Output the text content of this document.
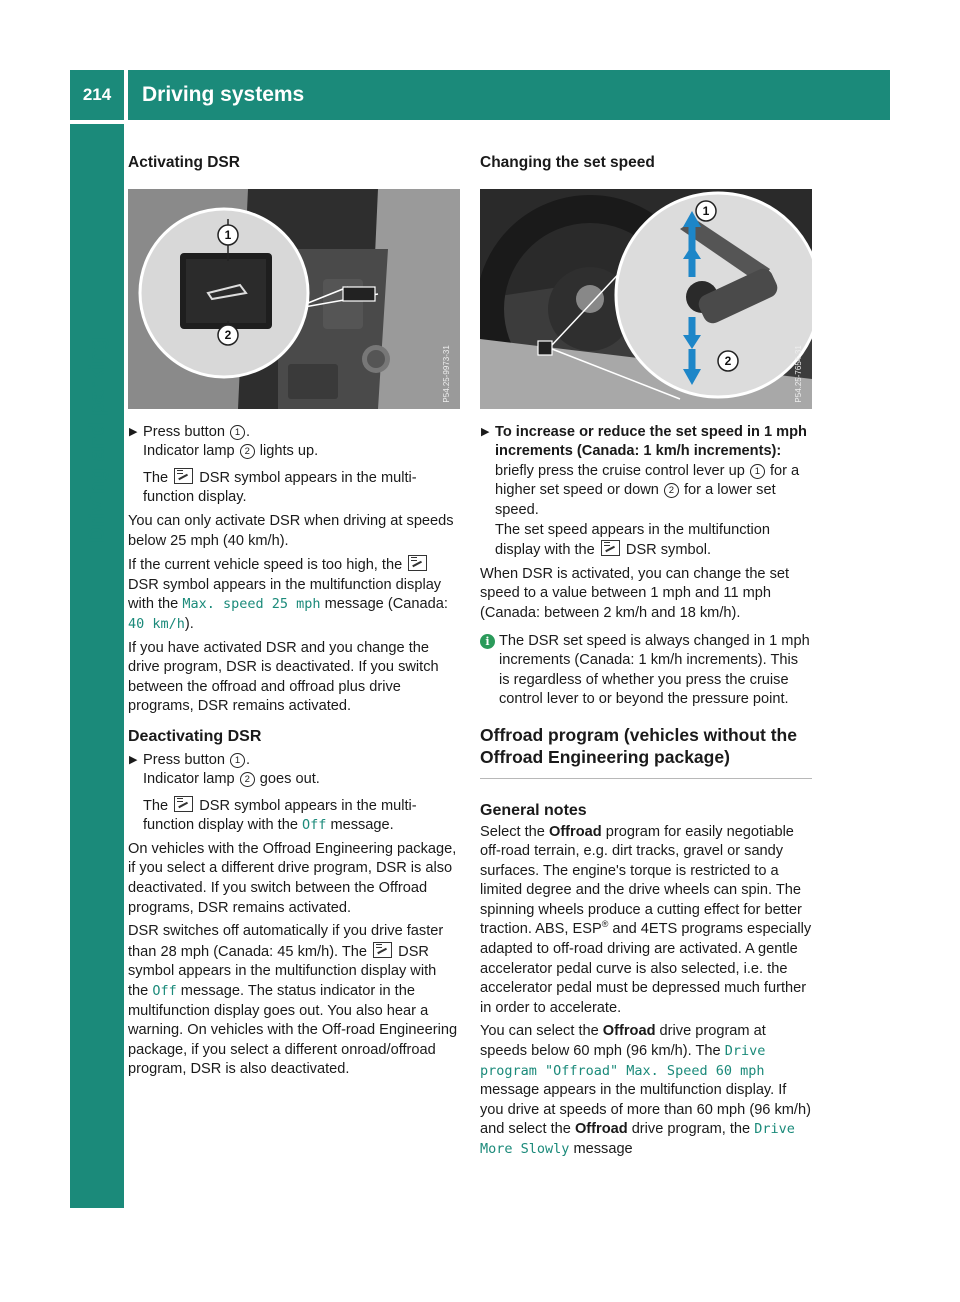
214	Driving systems
Driving and parking
Activating DSR
1
2
P54.25-9973-31
▶ Press button 1 .
Indicator lamp 2 lights up.

The  DSR symbol appears in the multi-function display.

You can only activate DSR when driving at speeds below 25 mph (40 km/h).

If the current vehicle speed is too high, the  DSR symbol appears in the multifunction display with the Max. speed 25 mph message (Canada: 40 km/h).

If you have activated DSR and you change the drive program, DSR is deactivated. If you switch between the offroad and offroad plus drive programs, DSR remains activated.

Deactivating DSR
▶ Press button 1 .
Indicator lamp 2 goes out.

The  DSR symbol appears in the multi-function display with the Off message.

On vehicles with the Offroad Engineering package, if you select a different drive program, DSR is also deactivated. If you switch between the Offroad programs, DSR remains activated.

DSR switches off automatically if you drive faster than 28 mph (Canada: 45 km/h). The  DSR symbol appears in the multifunction display with the Off message. The status indicator in the multifunction display goes out. You also hear a warning. On vehicles with the Off-road Engineering package, if you select a different onroad/offroad program, DSR is also deactivated.

Changing the set speed
1
2	P54.25-7654-31
▶ To increase or reduce the set speed in 1 mph increments (Canada: 1 km/h increments): briefly press the cruise control lever up 1 for a higher set speed or down 2 for a lower set speed.
The set speed appears in the multifunction display with the  DSR symbol.

When DSR is activated, you can change the set speed to a value between 1 mph and 11 mph (Canada: between 2 km/h and 18 km/h).

i The DSR set speed is always changed in 1 mph increments (Canada: 1 km/h increments). This is regardless of whether you press the cruise control lever to or beyond the pressure point.
Offroad program (vehicles without the Offroad Engineering package)
General notes

Select the Offroad program for easily negotiable off-road terrain, e.g. dirt tracks, gravel or sandy surfaces. The engine's torque is restricted to a limited degree and the drive wheels can spin. The spinning wheels produce a cutting effect for better traction. ABS, ESP® and 4ETS programs especially adapted to off-road driving are activated. A gentle accelerator pedal curve is also selected, i.e. the accelerator pedal must be depressed much further in order to accelerate.

You can select the Offroad drive program at speeds below 60 mph (96 km/h). The Drive program "Offroad" Max. Speed 60 mph message appears in the multifunction display. If you drive at speeds of more than 60 mph (96 km/h) and select the Offroad drive program, the Drive More Slowly message
